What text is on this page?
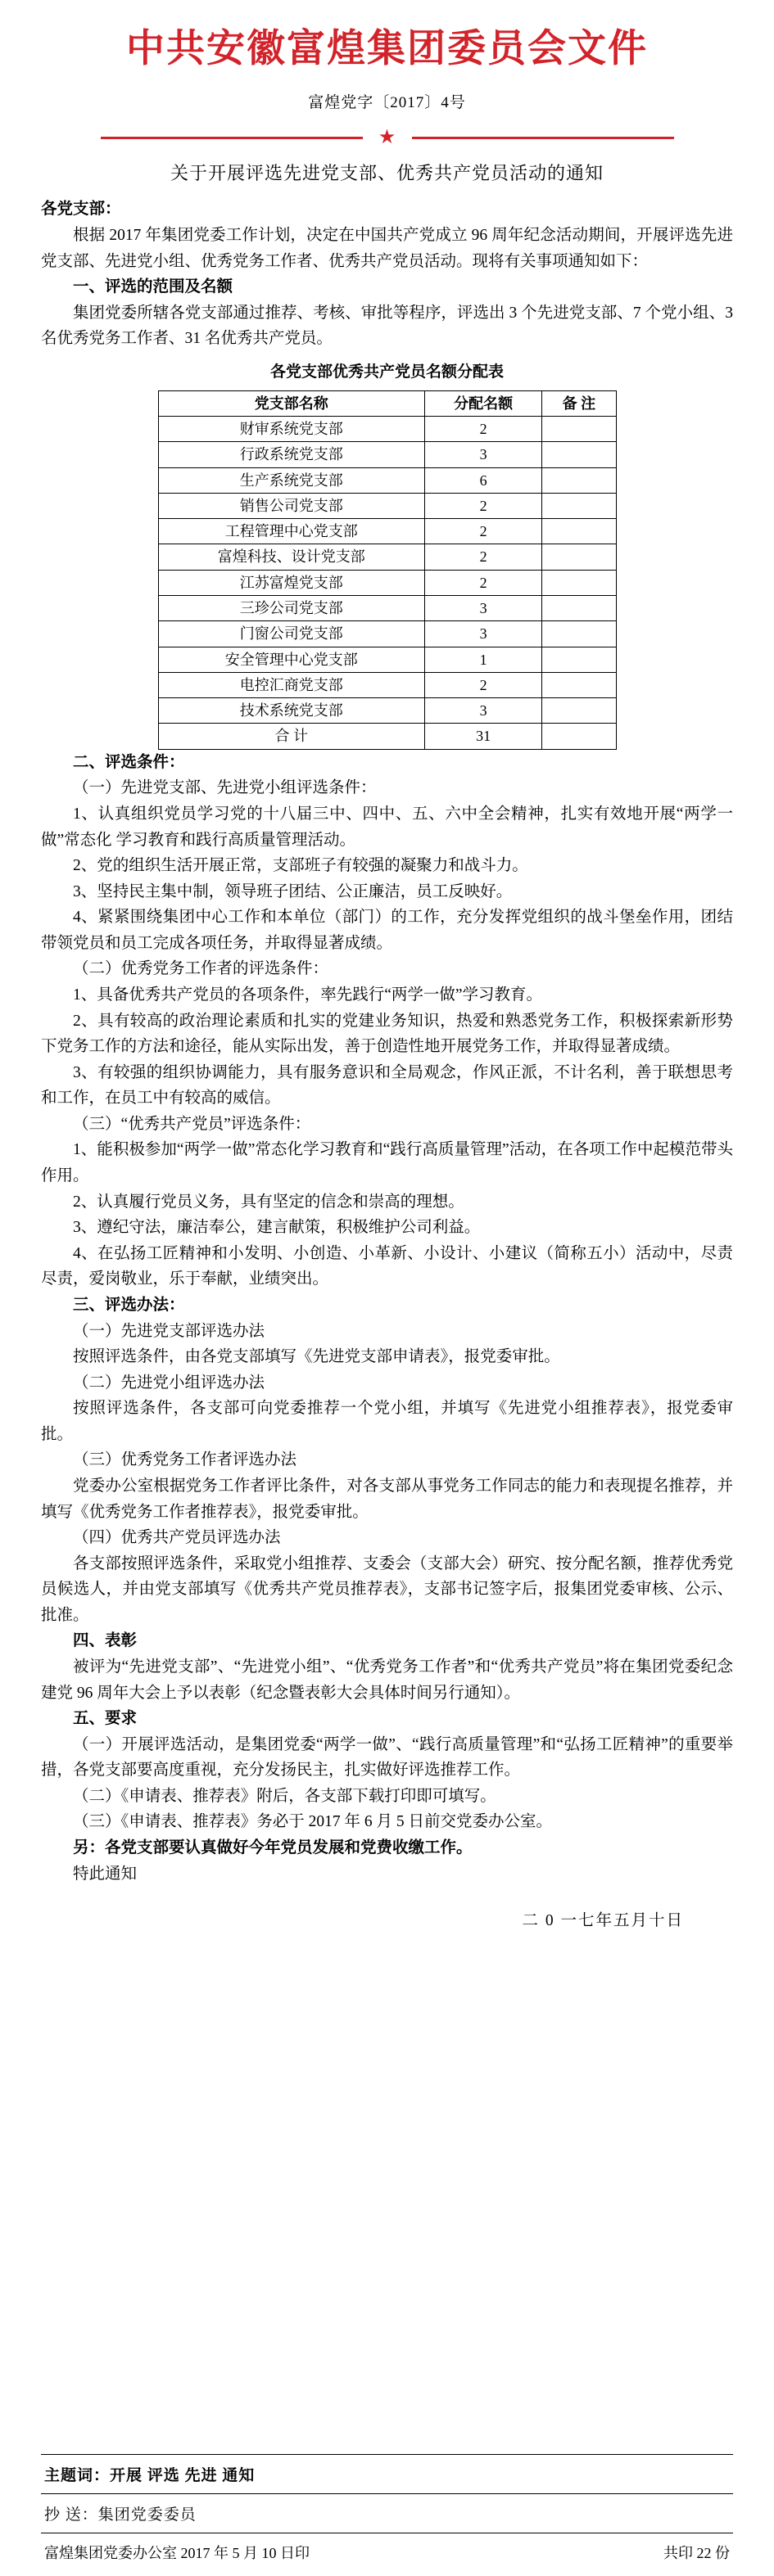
中共安徽富煌集团委员会文件
富煌党字〔2017〕4号
★
关于开展评选先进党支部、优秀共产党员活动的通知

各党支部：

根据 2017 年集团党委工作计划，决定在中国共产党成立 96 周年纪念活动期间，开展评选先进党支部、先进党小组、优秀党务工作者、优秀共产党员活动。现将有关事项通知如下：

一、评选的范围及名额

集团党委所辖各党支部通过推荐、考核、审批等程序，评选出 3 个先进党支部、7 个党小组、3 名优秀党务工作者、31 名优秀共产党员。

各党支部优秀共产党员名额分配表
党支部名称	分配名额	备 注
财审系统党支部	2	
行政系统党支部	3	
生产系统党支部	6	
销售公司党支部	2	
工程管理中心党支部	2	
富煌科技、设计党支部	2	
江苏富煌党支部	2	
三珍公司党支部	3	
门窗公司党支部	3	
安全管理中心党支部	1	
电控汇商党支部	2	
技术系统党支部	3	
合 计	31	

二、评选条件：

（一）先进党支部、先进党小组评选条件：

1、认真组织党员学习党的十八届三中、四中、五、六中全会精神，扎实有效地开展“两学一做”常态化 学习教育和践行高质量管理活动。

2、党的组织生活开展正常，支部班子有较强的凝聚力和战斗力。

3、坚持民主集中制，领导班子团结、公正廉洁，员工反映好。

4、紧紧围绕集团中心工作和本单位（部门）的工作，充分发挥党组织的战斗堡垒作用，团结带领党员和员工完成各项任务，并取得显著成绩。

（二）优秀党务工作者的评选条件：

1、具备优秀共产党员的各项条件，率先践行“两学一做”学习教育。

2、具有较高的政治理论素质和扎实的党建业务知识，热爱和熟悉党务工作，积极探索新形势下党务工作的方法和途径，能从实际出发，善于创造性地开展党务工作，并取得显著成绩。

3、有较强的组织协调能力，具有服务意识和全局观念，作风正派，不计名利，善于联想思考和工作，在员工中有较高的威信。

（三）“优秀共产党员”评选条件：

1、能积极参加“两学一做”常态化学习教育和“践行高质量管理”活动，在各项工作中起模范带头作用。

2、认真履行党员义务，具有坚定的信念和崇高的理想。

3、遵纪守法，廉洁奉公，建言献策，积极维护公司利益。

4、在弘扬工匠精神和小发明、小创造、小革新、小设计、小建议（简称五小）活动中，尽责尽责，爱岗敬业，乐于奉献，业绩突出。

三、评选办法：

（一）先进党支部评选办法

按照评选条件，由各党支部填写《先进党支部申请表》，报党委审批。

（二）先进党小组评选办法

按照评选条件，各支部可向党委推荐一个党小组，并填写《先进党小组推荐表》，报党委审批。

（三）优秀党务工作者评选办法

党委办公室根据党务工作者评比条件，对各支部从事党务工作同志的能力和表现提名推荐，并填写《优秀党务工作者推荐表》，报党委审批。

（四）优秀共产党员评选办法

各支部按照评选条件，采取党小组推荐、支委会（支部大会）研究、按分配名额，推荐优秀党员候选人，并由党支部填写《优秀共产党员推荐表》，支部书记签字后，报集团党委审核、公示、批准。

四、表彰

被评为“先进党支部”、“先进党小组”、“优秀党务工作者”和“优秀共产党员”将在集团党委纪念建党 96 周年大会上予以表彰（纪念暨表彰大会具体时间另行通知）。

五、要求

（一）开展评选活动，是集团党委“两学一做”、“践行高质量管理”和“弘扬工匠精神”的重要举措，各党支部要高度重视，充分发扬民主，扎实做好评选推荐工作。

（二）《申请表、推荐表》附后，各支部下载打印即可填写。

（三）《申请表、推荐表》务必于 2017 年 6 月 5 日前交党委办公室。

另：各党支部要认真做好今年党员发展和党费收缴工作。

特此通知

二 0 一七年五月十日
主题词：开展 评选 先进 通知
抄 送：集团党委委员
富煌集团党委办公室 2017 年 5 月 10 日印	共印 22 份
